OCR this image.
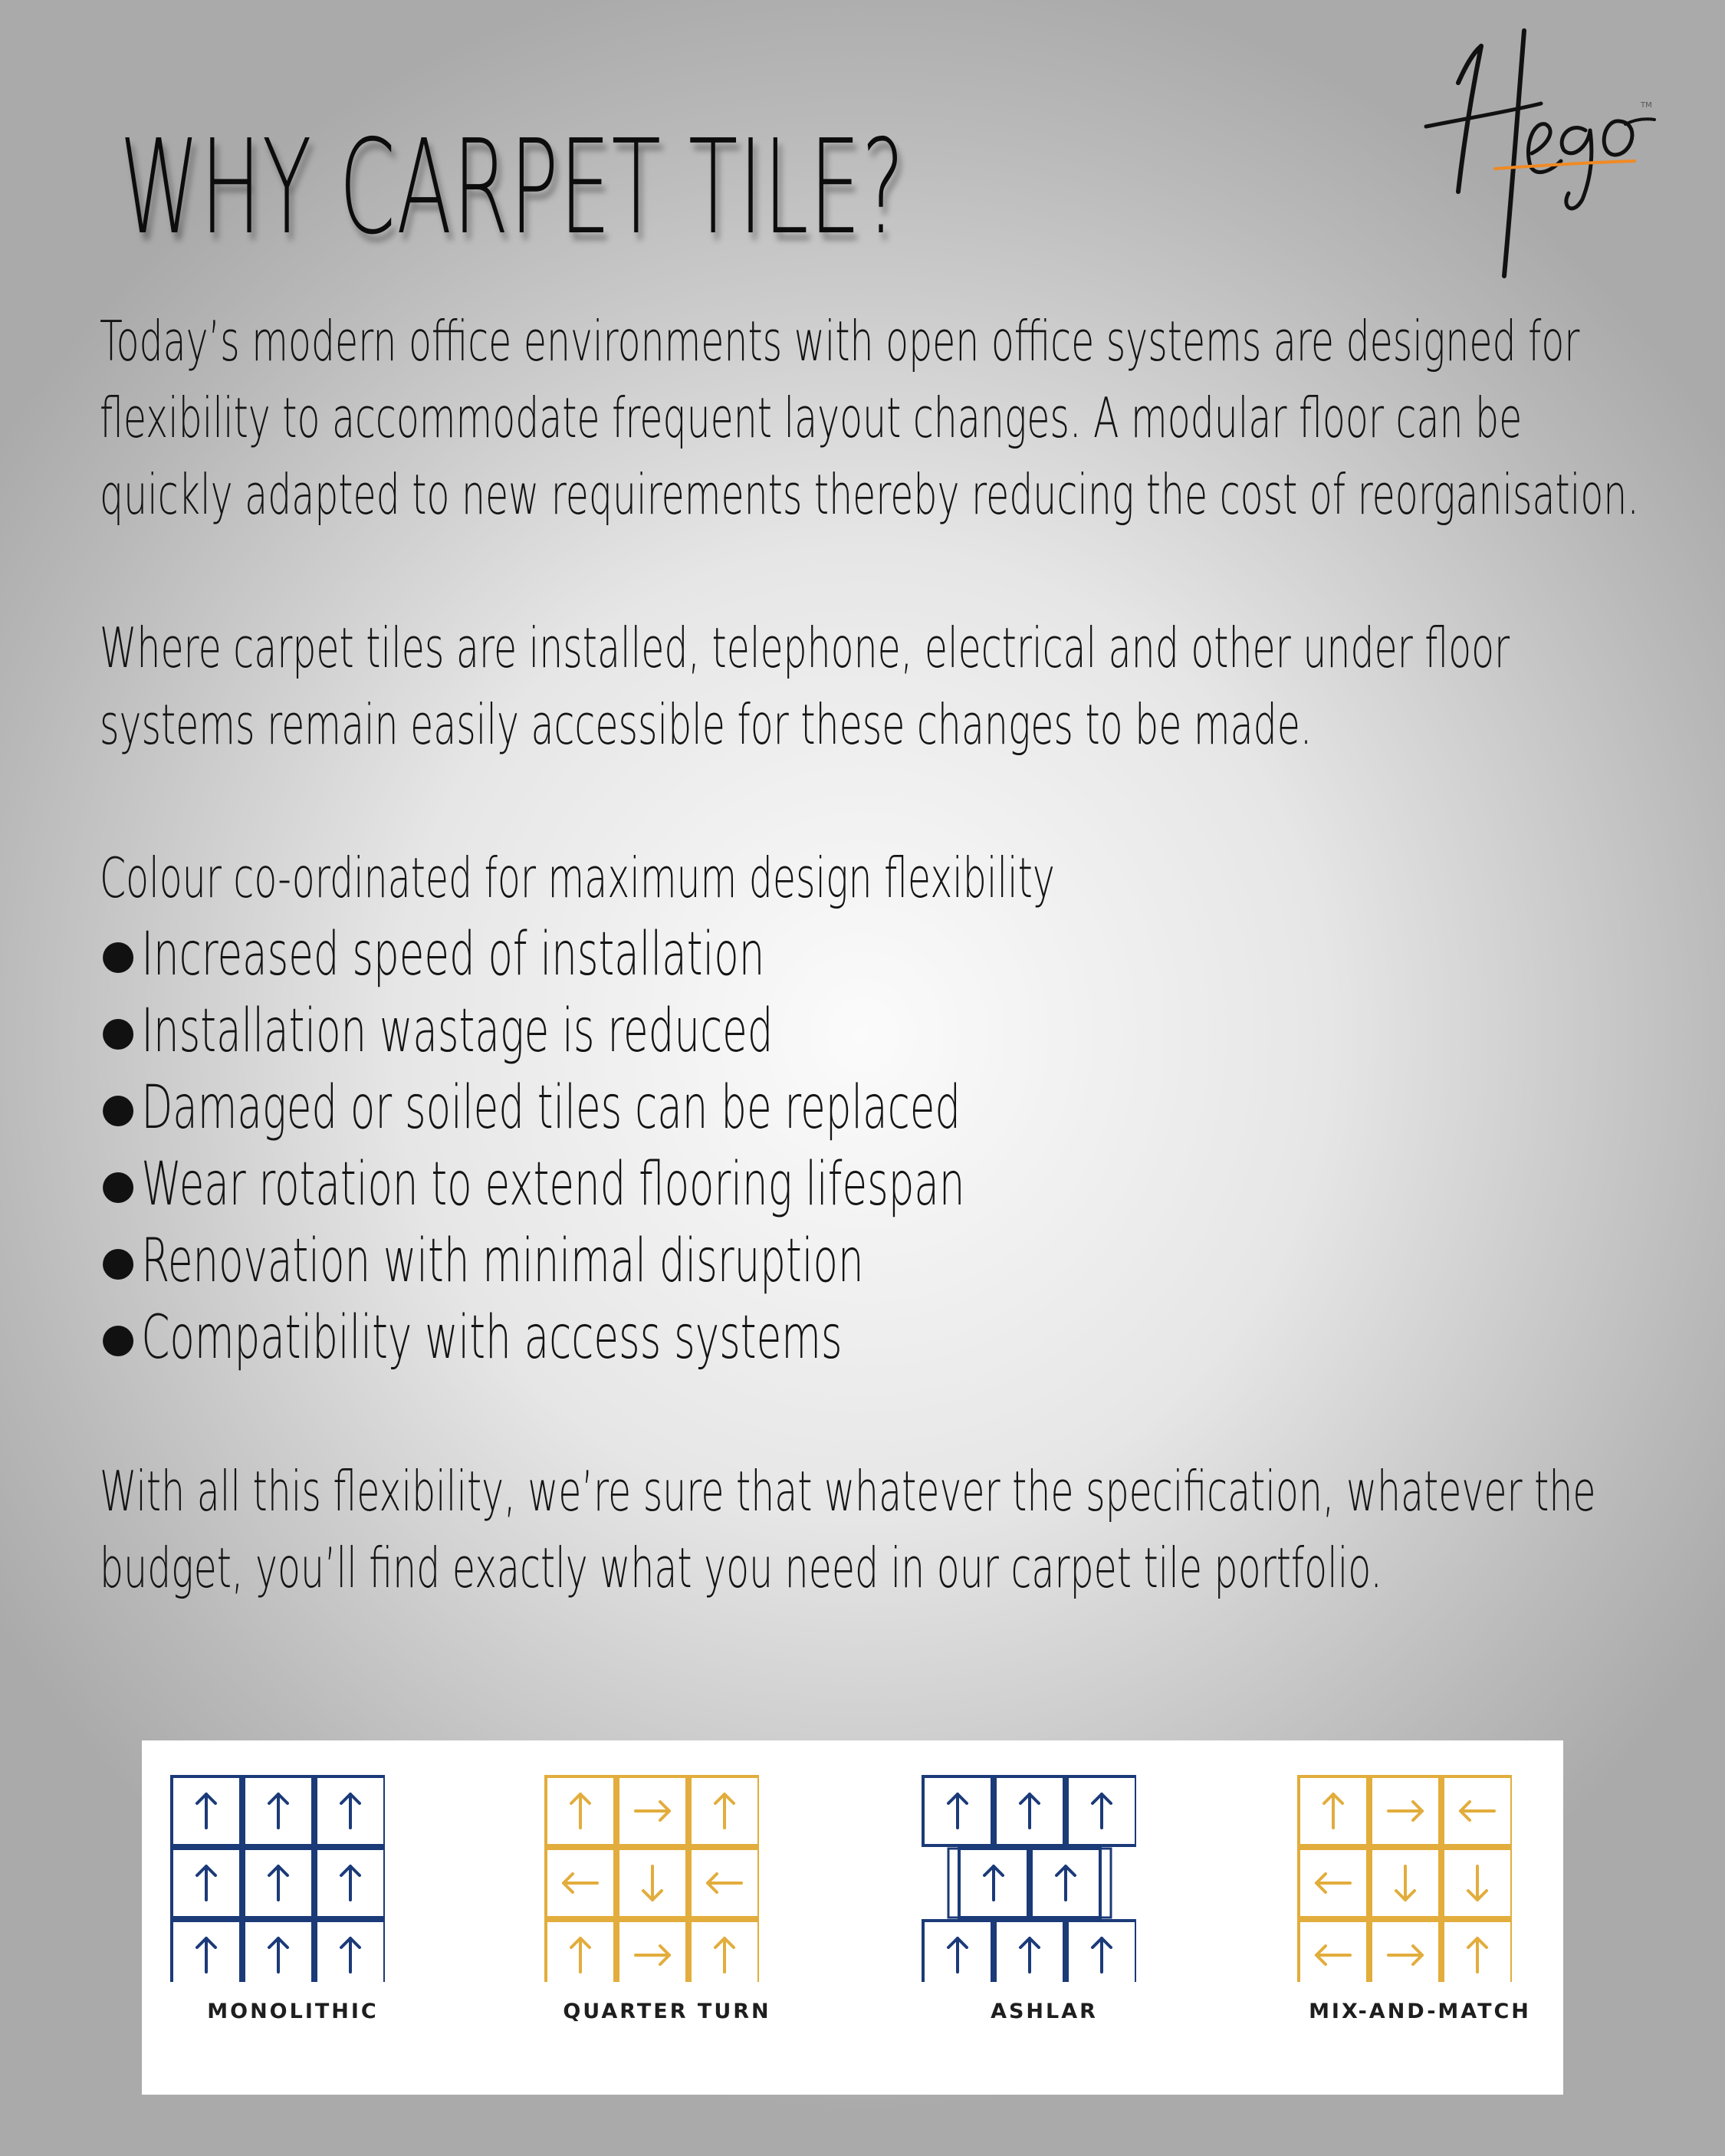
WHY CARPET TILE?
TM

Today’s modern office environments with open office systems are designed for flexibility to accommodate frequent layout changes. A modular floor can be quickly adapted to new requirements thereby reducing the cost of reorganisation.

Where carpet tiles are installed, telephone, electrical and other under floor systems remain easily accessible for these changes to be made.

Colour co-ordinated for maximum design flexibility

Increased speed of installation
Installation wastage is reduced
Damaged or soiled tiles can be replaced
Wear rotation to extend flooring lifespan
Renovation with minimal disruption
Compatibility with access systems

With all this flexibility, we’re sure that whatever the specification, whatever the budget, you’ll find exactly what you need in our carpet tile portfolio.

MONOLITHIC	QUARTER TURN	ASHLAR	MIX-AND-MATCH
